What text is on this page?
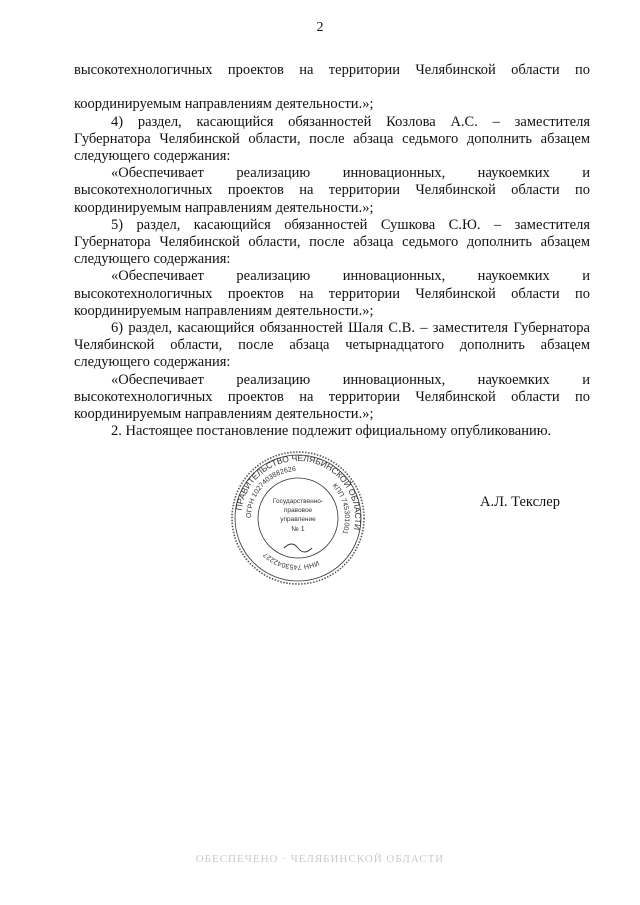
2

высокотехнологичных проектов на территории Челябинской области по

координируемым направлениям деятельности.»;

4) раздел, касающийся обязанностей Козлова А.С. – заместителя Губернатора Челябинской области, после абзаца седьмого дополнить абзацем следующего содержания:

«Обеспечивает реализацию инновационных, наукоемких и высокотехнологичных проектов на территории Челябинской области по координируемым направлениям деятельности.»;

5) раздел, касающийся обязанностей Сушкова С.Ю. – заместителя Губернатора Челябинской области, после абзаца седьмого дополнить абзацем следующего содержания:

«Обеспечивает реализацию инновационных, наукоемких и высокотехнологичных проектов на территории Челябинской области по координируемым направлениям деятельности.»;

6) раздел, касающийся обязанностей Шаля С.В. – заместителя Губернатора Челябинской области, после абзаца четырнадцатого дополнить абзацем следующего содержания:

«Обеспечивает реализацию инновационных, наукоемких и высокотехнологичных проектов на территории Челябинской области по координируемым направлениям деятельности.»;

2. Настоящее постановление подлежит официальному опубликованию.

ПРАВИТЕЛЬСТВО ЧЕЛЯБИНСКОЙ ОБЛАСТИ
ОГРН 1027403882626
КПП 745301001
ИНН 7453042227
Государственно-
правовое
управление
№ 1
А.Л. Текслер
ОБЕСПЕЧЕНО · ЧЕЛЯБИНСКОЙ ОБЛАСТИ
